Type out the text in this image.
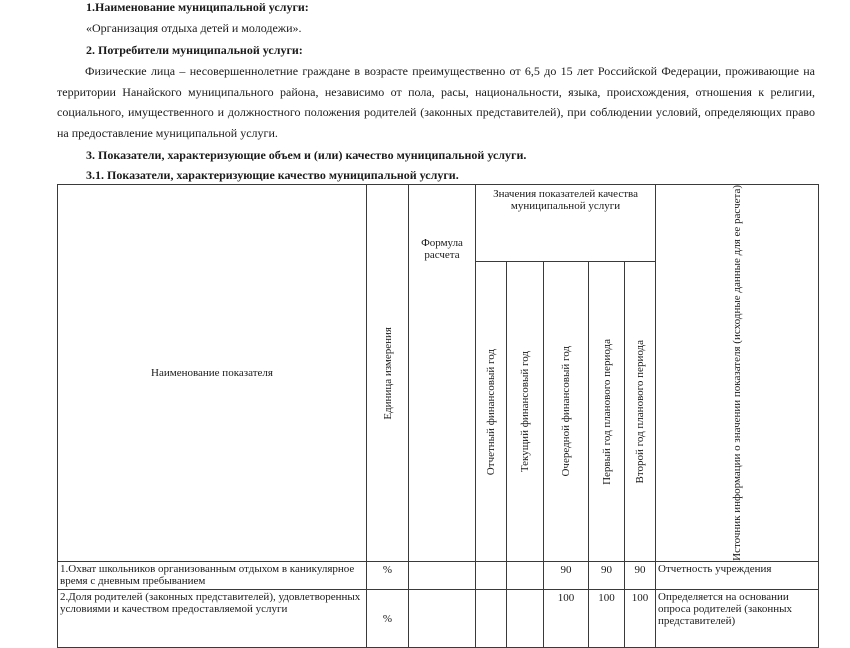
1.Наименование муниципальной услуги:
«Организация отдыха детей и молодежи».
2. Потребители муниципальной услуги:
Физические лица – несовершеннолетние граждане в возрасте преимущественно от 6,5 до 15 лет Российской Федерации, проживающие на территории Нанайского муниципального района, независимо от пола, расы, национальности, языка, происхождения, отношения к религии, социального, имущественного и должностного положения родителей (законных представителей), при соблюдении условий, определяющих право на предоставление муниципальной услуги.
3. Показатели, характеризующие объем и (или) качество муниципальной услуги.
3.1. Показатели, характеризующие качество муниципальной услуги.
Наименование показателя	Единица измерения	Формула расчета	Значения показателей качества муниципальной услуги					Источник информации о значении показателя (исходные данные для ее расчета)

			Отчетный финансовый год	Текущий финансовый год	Очередной финансовый год	Первый год планового периода	Второй год планового периода	

1.Охват школьников организованным отдыхом в каникулярное время с дневным пребыванием	%				90	90	90	Отчетность учреждения
2.Доля родителей (законных представителей), удовлетворенных условиями и качеством предоставляемой услуги	%				100	100	100	Определяется на основании опроса родителей (законных представителей)
